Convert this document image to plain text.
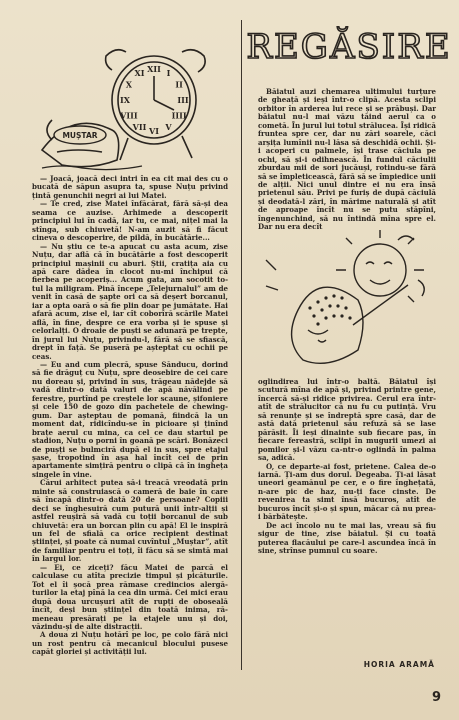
XII I
II
III
IIII
V
VI
VII
VIII
IX
X
XI
MUȘTAR

— Joacă, joacă deci intri în ea cit mai des cu o bucată de săpun asupra ta, spuse Nuțu privind țintă genunchii negri ai lui Matei.

— Te cred, zise Matei înfăcărat, fără să-și dea seama ce auzise. Arhimede a descoperit principiul lui în cadă, iar tu, ce mai, nițel mai la stînga, sub chiuvetă! N-am auzit să fi făcut cineva o descoperire, de pildă, în bucătărie...

— Nu știu ce te-a apucat cu asta acum, zise Nuțu, dar află că în bucătărie a fost descoperit principiul mașinii cu aburi. Știi, cratița aia cu apă care dădea în clocot nu-mi închipui că fierbea pe acoperiș... Acum gata, am socotit to-tul la miligram. Pină începe „Telejurnalul” am de venit în casă de șapte ori ca să deșert borcanul, iar a opta oară o să fie plin doar pe jumătate. Hai afară acum, zise el, iar cît coborîră scările Matei află, în fine, despre ce era vorba și ie spuse și celorlalți. O droaie de puști se adunară pe trepte, în jurul lui Nuțu, privindu-l, fără să se sfiască, drept în față. Se puseră pe așteptat cu ochii pe ceas.

— Eu and cum plecră, spuse Sănducu, dorind să fie drăguț cu Nuțu, spre deosebire de cei care nu doreau și, privind în sus, trăgeau nădejde să vadă dintr-o dată valuri de apă năvălind pe ferestre, purtînd pe creștele lor scaune, șifoniere și cele 150 de gozo din pachetele de chewing-gum. Dar așteptau de pomană, fiindcă la un moment dat, ridicîndu-se în picioare și ținînd brațe aerul cu mina, ca cel ce dau startul pe stadion, Nuțu o porni în goană pe scări. Bonăzeci de pușți se bulmciră după el in sus, spre etajul șase, tropotind în așa hal încît cei de prin apartamente simțiră pentru o clipă că în ingheța singele în vine.

Cărui arhitect putea să-i treacă vreodată prin minte să construiască o cameră de baie în care să încapă dintr-o dată 20 de persoane? Copiii deci se înghesuiră cum putură unii într-alții și astfel reușiră să vadă cu toții borcanul de sub chiuvetă: era un borcan plin cu apă! El le inspiră un fel de sfială ca orice recipient destinat științei, și poate că numai cuvîntul „Muștar”, atît de familiar pentru ei toți, îi făcu să se simtă mai în largul lor.

— Ei, ce ziceți? făcu Matei de parcă el calculase cu atîta precizie timpul și picăturile. Tot el îi șocă prea rămase credincios alergă-turilor la etaj pînă la cea din urmă. Cei mici erau după doua urcușuri atît de rupți de oboseală încît, deși bun științel din toată inima, ră-meneau presărați pe la etajele unu și doi, văzindu-și de alte distracții.

A doua zi Nuțu hotărî pe loc, pe colo fără nici un rost pentru că mecanicul blocului pusese capăt gloriei și activității lui.

REGĂSIRE

Băiatul auzi chemarea ultimului turțure de gheață și ieși într-o clipă. Acesta sclipi orbitor în arderea lui rece și se prăbuși. Dar băiatul nu-l mai văzu tăind aerul ca o cometă. În jurul lui totul strălucea. Își ridică fruntea spre cer, dar nu zări soarele, căci arșița lumînii nu-l lăsa să deschidă ochii. Și-i acoperi cu palmele, își trase căciula pe ochi, să și-i odihnească. În fundul căciulii zburdau mii de sori jucăuși, rotindu-se fără să se împleticească, fără să se împiedice unii de alții. Nici unul dintre ei nu era însă prietenul său. Privi pe furiș de după căciulă și deodată-l zări, în mărime naturală și atît de aproape încît nu se putu stăpîni, îngenunchind, să nu întindă mîna spre el. Dar nu era decît

oglindirea lui într-o baltă. Băiatul își scutură mîna de apă și, privind printre gene, încercă să-și ridice privirea. Cerul era într-atît de strălucitor că nu fu cu putință. Vru să renunțe și se îndreptă spre casă, dar de astă dată prietenul său refuză să se lase părăsit. Îi ieși dinainte sub fiecare pas, în fiecare fereastră, sclipi în mugurii umezi ai pomilor și-l văzu ca-ntr-o oglindă în palma sa, adică.

O, ce departe-ai fost, prietene. Calea de-o iarnă. Ți-am dus dorul. Degeaba. Ți-ai lăsat uneori geamănul pe cer, e o fire înghețată, n-are pic de haz, nu-ți face cinste. De revenirea ta simt însă bucuros, atît de bucuros încît și-o și spun, măcar că nu prea-i bărbătește.

De aci încolo nu te mai las, vreau să fiu sigur de tine, zise băiatul. Și cu toată puterea flacăului pe care-l ascundea încă în sine, strînse pumnul cu soare.

HORIA ARAMĂ
9
